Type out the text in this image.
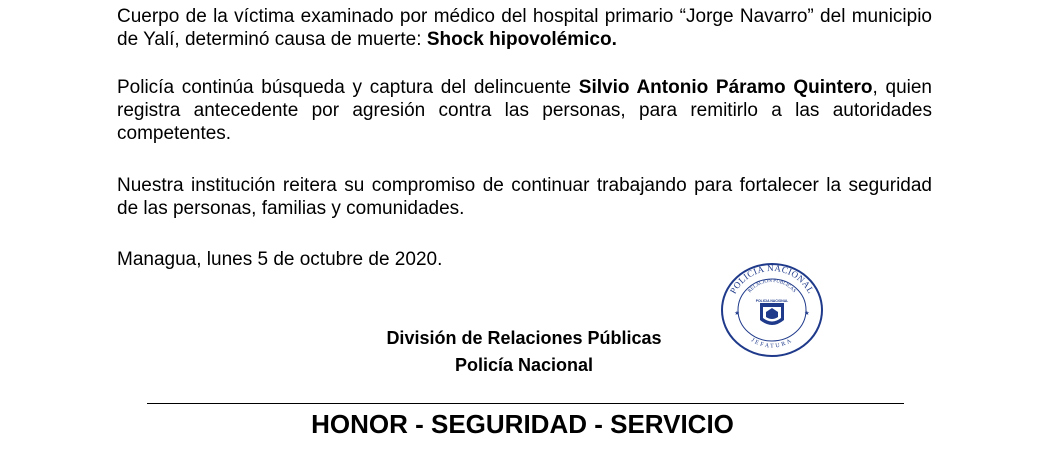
Cuerpo de la víctima examinado por médico del hospital primario “Jorge Navarro” del municipio de Yalí, determinó causa de muerte: Shock hipovolémico.

Policía continúa búsqueda y captura del delincuente Silvio Antonio Páramo Quintero, quien registra antecedente por agresión contra las personas, para remitirlo a las autoridades competentes.

Nuestra institución reitera su compromiso de continuar trabajando para fortalecer la seguridad de las personas, familias y comunidades.

Managua, lunes 5 de octubre de 2020.

POLICIA NACIONAL
RELACION PUBLICAS
JEFATURA
POLICIA NACIONAL
★	★

División de Relaciones Públicas

Policía Nacional

HONOR - SEGURIDAD - SERVICIO
